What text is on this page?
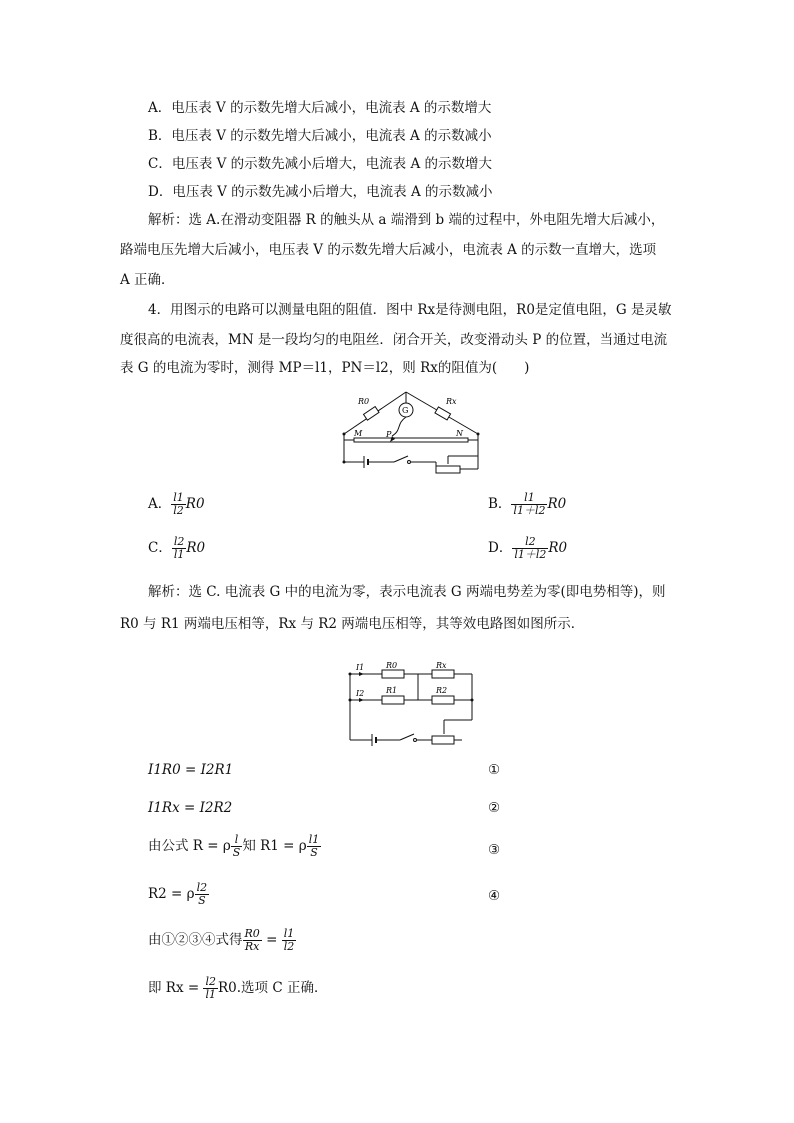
A．电压表 V 的示数先增大后减小，电流表 A 的示数增大
B．电压表 V 的示数先增大后减小，电流表 A 的示数减小
C．电压表 V 的示数先减小后增大，电流表 A 的示数增大
D．电压表 V 的示数先减小后增大，电流表 A 的示数减小
解析：选 A.在滑动变阻器 R 的触头从 a 端滑到 b 端的过程中，外电阻先增大后减小，
路端电压先增大后减小，电压表 V 的示数先增大后减小，电流表 A 的示数一直增大，选项
A 正确．
4．用图示的电路可以测量电阻的阻值．图中 Rx是待测电阻，R0是定值电阻，G 是灵敏
度很高的电流表，MN 是一段均匀的电阻丝．闭合开关，改变滑动头 P 的位置，当通过电流
表 G 的电流为零时，测得 MP＝l1，PN＝l2，则 Rx的阻值为(　　)
R0	Rx
G
M	P	N
A． $\frac{l1}{l2} R0$	B． $\frac{l1}{l1+l2} R0$
C． $\frac{l2}{l1} R0$	D． $\frac{l2}{l1+l2} R0$
解析：选 C. 电流表 G 中的电流为零，表示电流表 G 两端电势差为零(即电势相等)，则
R0 与 R1 两端电压相等，Rx 与 R2 两端电压相等，其等效电路图如图所示．
I1
I2
R0	Rx
R1	R2
I1R0 = I2R1	①
I1Rx = I2R2	②
由公式 R = ρ $\frac{l}{S}$ 知 R1 = ρ $\frac{l1}{S}$	③
R2 = ρ $\frac{l2}{S}$	④
由①②③④式得 $\frac{R0}{Rx} = \frac{l1}{l2}$
即 $Rx = \frac{l2}{l1} R0$.选项 C 正确．
